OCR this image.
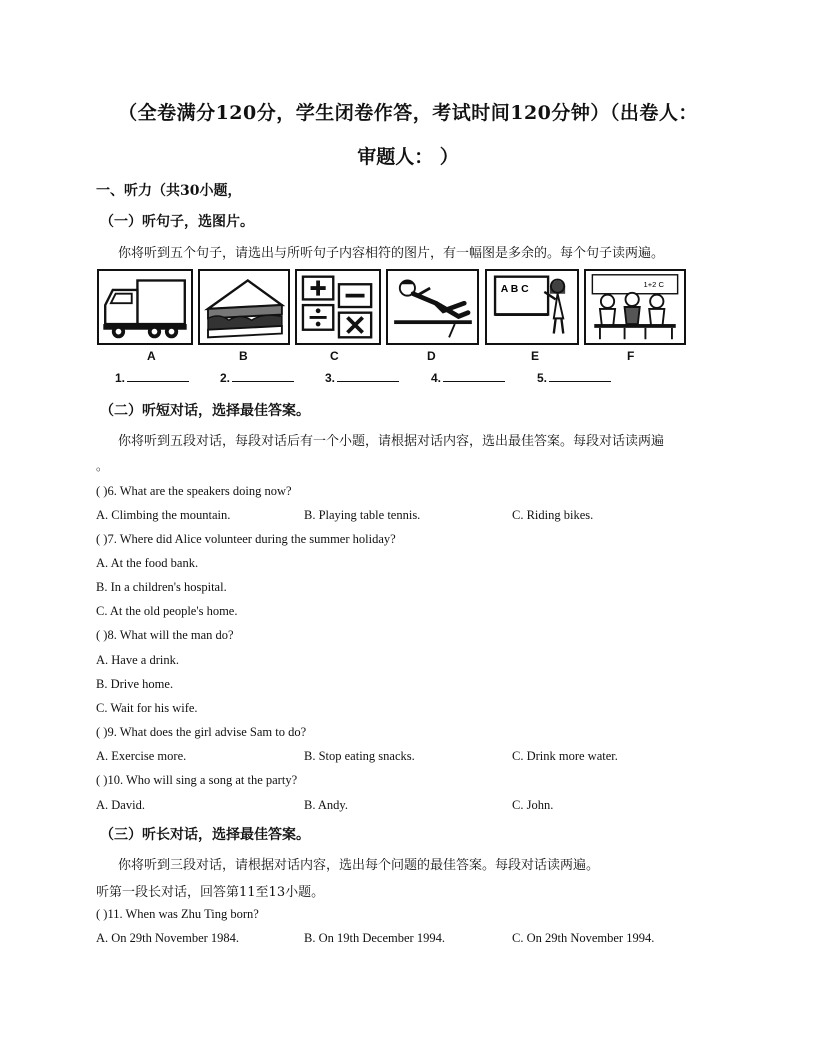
（全卷满分120分，学生闭卷作答，考试时间120分钟）（出卷人：
审题人： ）
一、听力（共30小题，
（一）听句子，选图片。
你将听到五个句子，请选出与所听句子内容相符的图片，有一幅图是多余的。每个句子读两遍。
A B C	1+2 C
A	B	C	D	E	F
1.	2.	3.	4.	5.
（二）听短对话，选择最佳答案。
你将听到五段对话，每段对话后有一个小题，请根据对话内容，选出最佳答案。每段对话读两遍
。
( )6. What are the speakers doing now?
A. Climbing the mountain.	B. Playing table tennis.	C. Riding bikes.
( )7. Where did Alice volunteer during the summer holiday?
A. At the food bank.
B. In a children's hospital.
C. At the old people's home.
( )8. What will the man do?
A. Have a drink.
B. Drive home.
C. Wait for his wife.
( )9. What does the girl advise Sam to do?
A. Exercise more.	B. Stop eating snacks.	C. Drink more water.
( )10. Who will sing a song at the party?
A. David.	B. Andy.	C. John.
（三）听长对话，选择最佳答案。
你将听到三段对话，请根据对话内容，选出每个问题的最佳答案。每段对话读两遍。
听第一段长对话，回答第11至13小题。
( )11. When was Zhu Ting born?
A. On 29th November 1984.	B. On 19th December 1994.	C. On 29th November 1994.
